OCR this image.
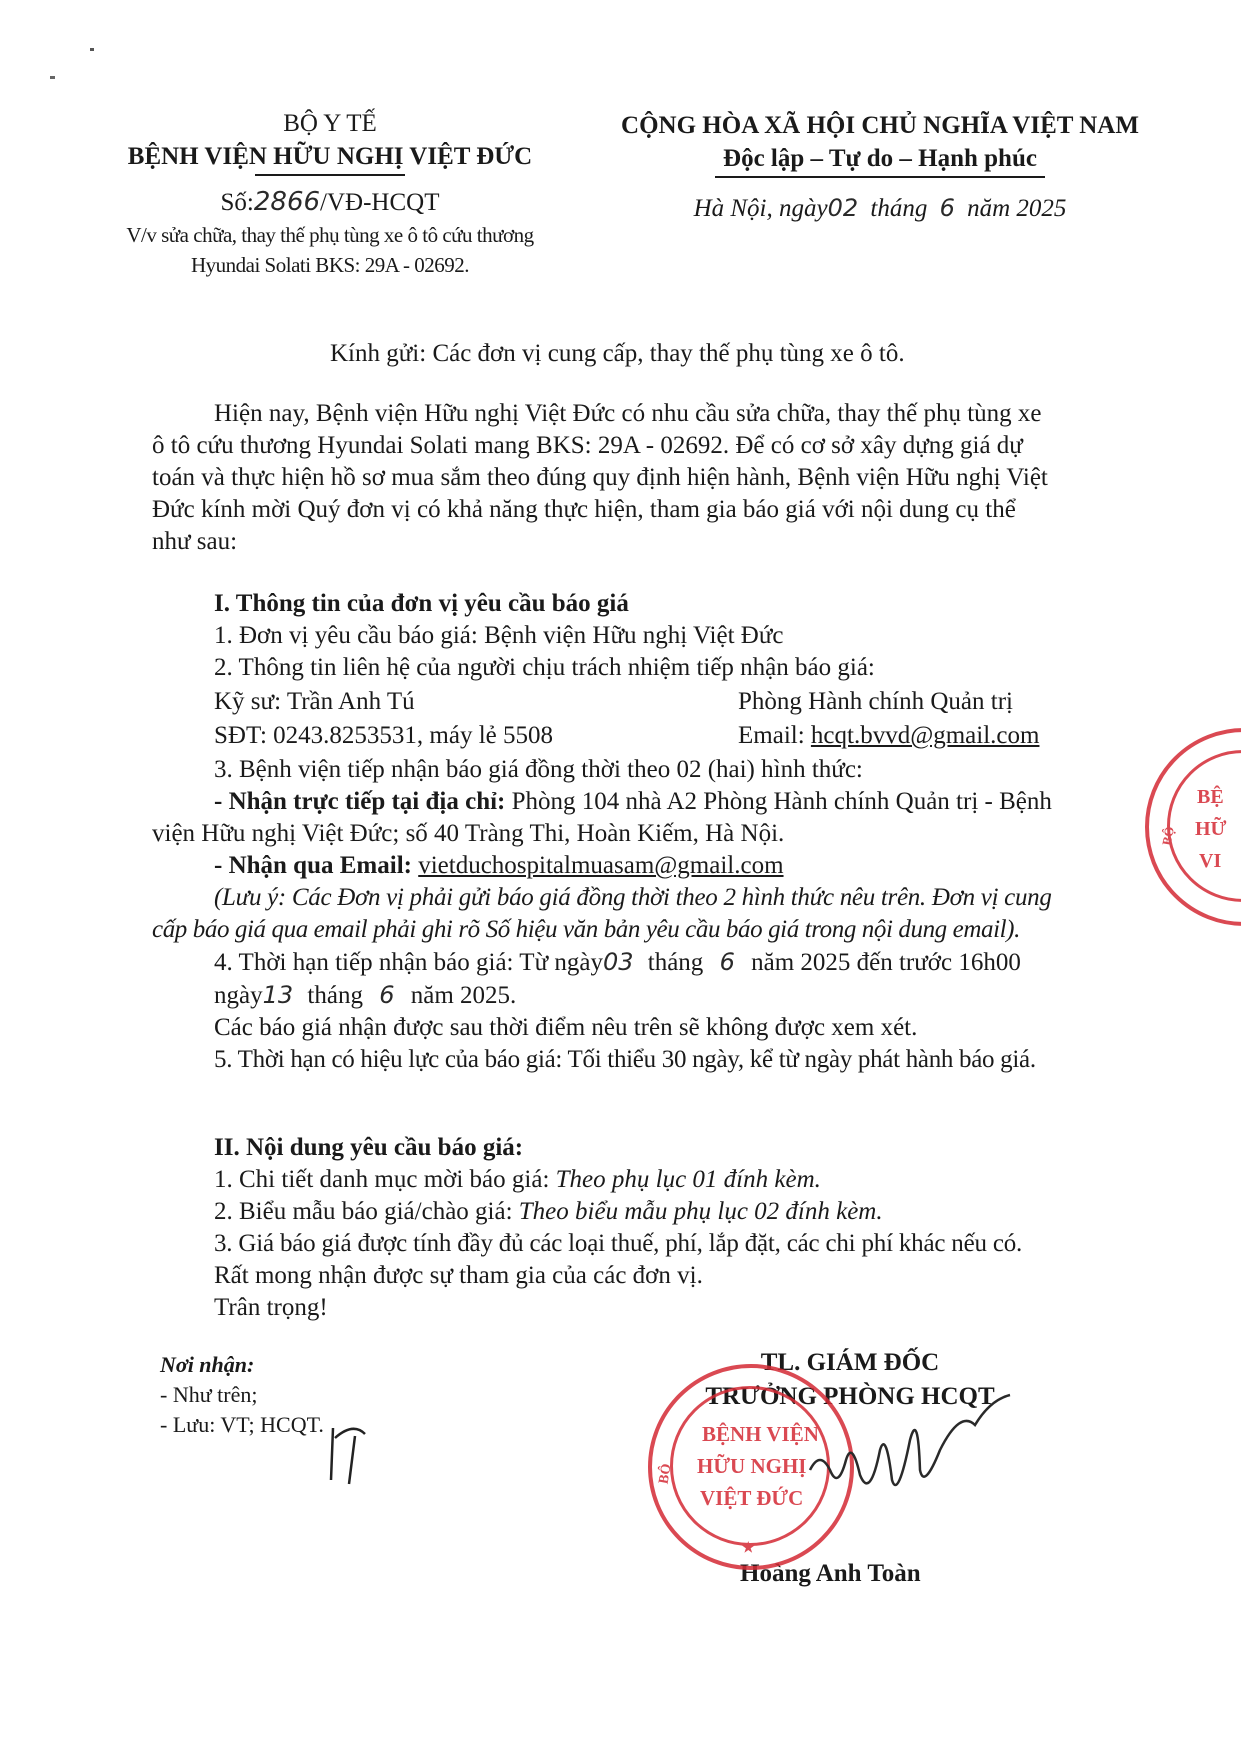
BỘ Y TẾ
BỆNH VIỆN HỮU NGHỊ VIỆT ĐỨC
Số:2866/VĐ-HCQT
V/v sửa chữa, thay thế phụ tùng xe ô tô cứu thương
Hyundai Solati BKS: 29A - 02692.
CỘNG HÒA XÃ HỘI CHỦ NGHĨA VIỆT NAM
Độc lập – Tự do – Hạnh phúc
Hà Nội, ngày02 tháng 6 năm 2025
Kính gửi: Các đơn vị cung cấp, thay thế phụ tùng xe ô tô.
Hiện nay, Bệnh viện Hữu nghị Việt Đức có nhu cầu sửa chữa, thay thế phụ tùng xe
ô tô cứu thương Hyundai Solati mang BKS: 29A - 02692. Để có cơ sở xây dựng giá dự
toán và thực hiện hồ sơ mua sắm theo đúng quy định hiện hành, Bệnh viện Hữu nghị Việt
Đức kính mời Quý đơn vị có khả năng thực hiện, tham gia báo giá với nội dung cụ thể
như sau:
I. Thông tin của đơn vị yêu cầu báo giá
1. Đơn vị yêu cầu báo giá: Bệnh viện Hữu nghị Việt Đức
2. Thông tin liên hệ của người chịu trách nhiệm tiếp nhận báo giá:
Kỹ sư: Trần Anh Tú	Phòng Hành chính Quản trị
SĐT: 0243.8253531, máy lẻ 5508	Email: hcqt.bvvd@gmail.com
3. Bệnh viện tiếp nhận báo giá đồng thời theo 02 (hai) hình thức:
- Nhận trực tiếp tại địa chỉ: Phòng 104 nhà A2 Phòng Hành chính Quản trị - Bệnh
viện Hữu nghị Việt Đức; số 40 Tràng Thi, Hoàn Kiếm, Hà Nội.
- Nhận qua Email: vietduchospitalmuasam@gmail.com
(Lưu ý: Các Đơn vị phải gửi báo giá đồng thời theo 2 hình thức nêu trên. Đơn vị cung
cấp báo giá qua email phải ghi rõ Số hiệu văn bản yêu cầu báo giá trong nội dung email).
4. Thời hạn tiếp nhận báo giá: Từ ngày03 tháng 6 năm 2025 đến trước 16h00
ngày13 tháng 6 năm 2025.
Các báo giá nhận được sau thời điểm nêu trên sẽ không được xem xét.
5. Thời hạn có hiệu lực của báo giá: Tối thiểu 30 ngày, kể từ ngày phát hành báo giá.
II. Nội dung yêu cầu báo giá:
1. Chi tiết danh mục mời báo giá: Theo phụ lục 01 đính kèm.
2. Biểu mẫu báo giá/chào giá: Theo biểu mẫu phụ lục 02 đính kèm.
3. Giá báo giá được tính đầy đủ các loại thuế, phí, lắp đặt, các chi phí khác nếu có.
Rất mong nhận được sự tham gia của các đơn vị.
Trân trọng!
Nơi nhận:
- Như trên;
- Lưu: VT; HCQT.
TL. GIÁM ĐỐC
TRƯỞNG PHÒNG HCQT
Hoàng Anh Toàn
BỆNH VIỆN
HỮU NGHỊ
VIỆT ĐỨC
BỘ
★
BỆ
HỮ
VI
BỘ
